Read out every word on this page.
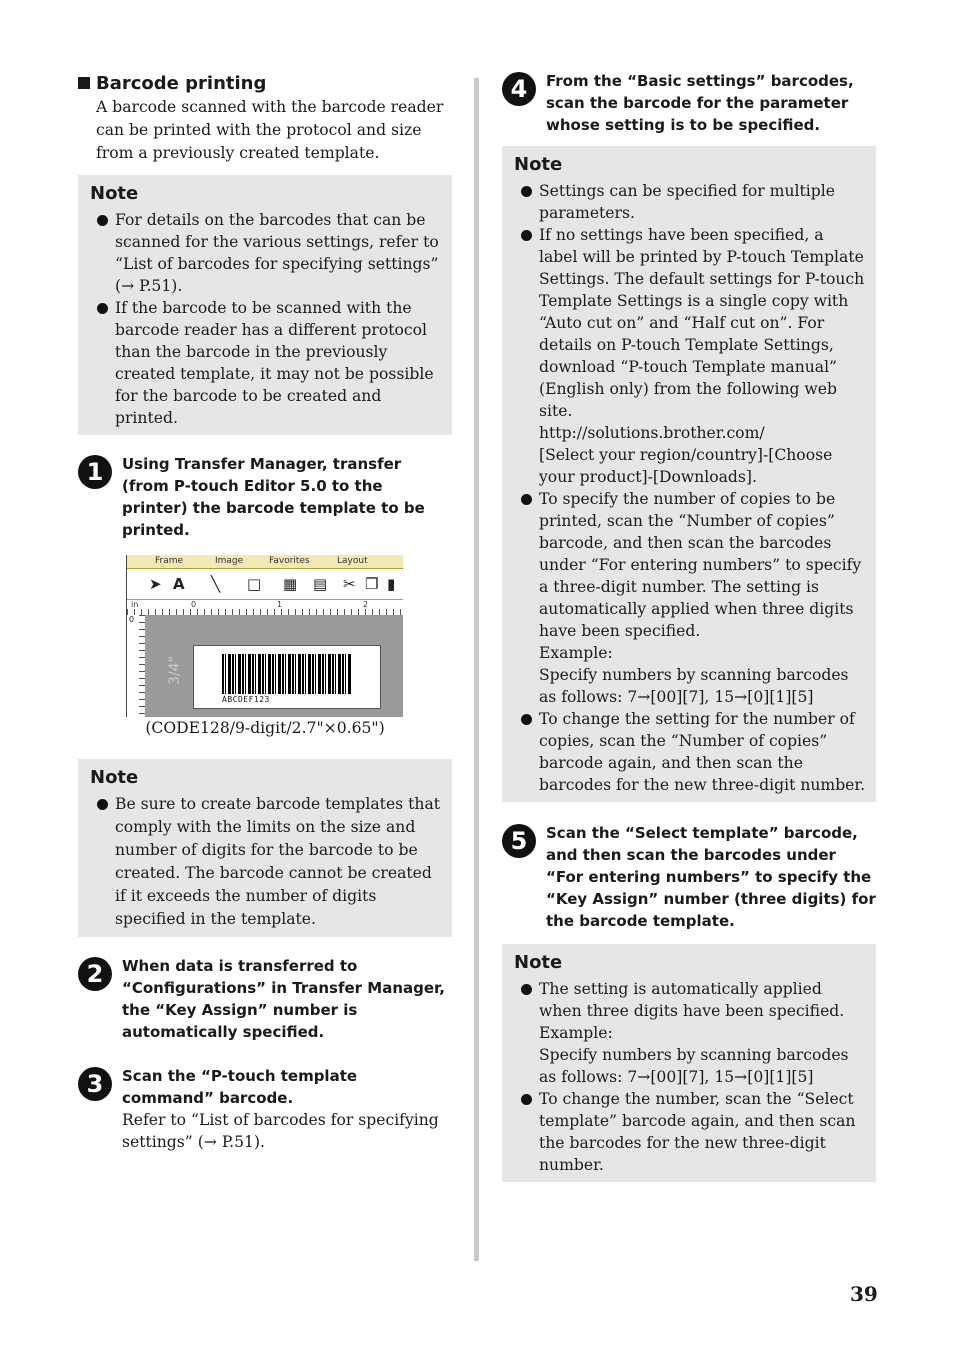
Barcode printing

A barcode scanned with the barcode reader can be printed with the protocol and size from a previously created template.

Note
For details on the barcodes that can be scanned for the various settings, refer to “List of barcodes for specifying settings” (→ P.51).
If the barcode to be scanned with the barcode reader has a different protocol than the barcode in the previously created template, it may not be possible for the barcode to be created and printed.
1	Using Transfer Manager, transfer (from P-touch Editor 5.0 to the printer) the barcode template to be printed.

Frame	Image	Favorites	Layout
➤ A ╲ □ ▦ ▤ ✂ ❐ ▮
in	0	1	2
0
3/4"
ABCDEF123
(CODE128/9-digit/2.7"×0.65")
Note
Be sure to create barcode templates that comply with the limits on the size and number of digits for the barcode to be created. The barcode cannot be created if it exceeds the number of digits specified in the template.
2	When data is transferred to “Configurations” in Transfer Manager, the “Key Assign” number is automatically specified.

3	Scan the “P-touch template command” barcode.

Refer to “List of barcodes for specifying settings” (→ P.51).

4	From the “Basic settings” barcodes, scan the barcode for the parameter whose setting is to be specified.

Note
Settings can be specified for multiple parameters.
If no settings have been specified, a label will be printed by P-touch Template Settings. The default settings for P-touch Template Settings is a single copy with “Auto cut on” and “Half cut on”. For details on P-touch Template Settings, download “P-touch Template manual” (English only) from the following web site.
http://solutions.brother.com/
[Select your region/country]-[Choose your product]-[Downloads].
To specify the number of copies to be printed, scan the “Number of copies” barcode, and then scan the barcodes under “For entering numbers” to specify a three-digit number. The setting is automatically applied when three digits have been specified.
Example:
Specify numbers by scanning barcodes as follows: 7→[00][7], 15→[0][1][5]
To change the setting for the number of copies, scan the “Number of copies” barcode again, and then scan the barcodes for the new three-digit number.
5	Scan the “Select template” barcode, and then scan the barcodes under “For entering numbers” to specify the “Key Assign” number (three digits) for the barcode template.

Note
The setting is automatically applied when three digits have been specified.
Example:
Specify numbers by scanning barcodes as follows: 7→[00][7], 15→[0][1][5]
To change the number, scan the “Select template” barcode again, and then scan the barcodes for the new three-digit number.
39
